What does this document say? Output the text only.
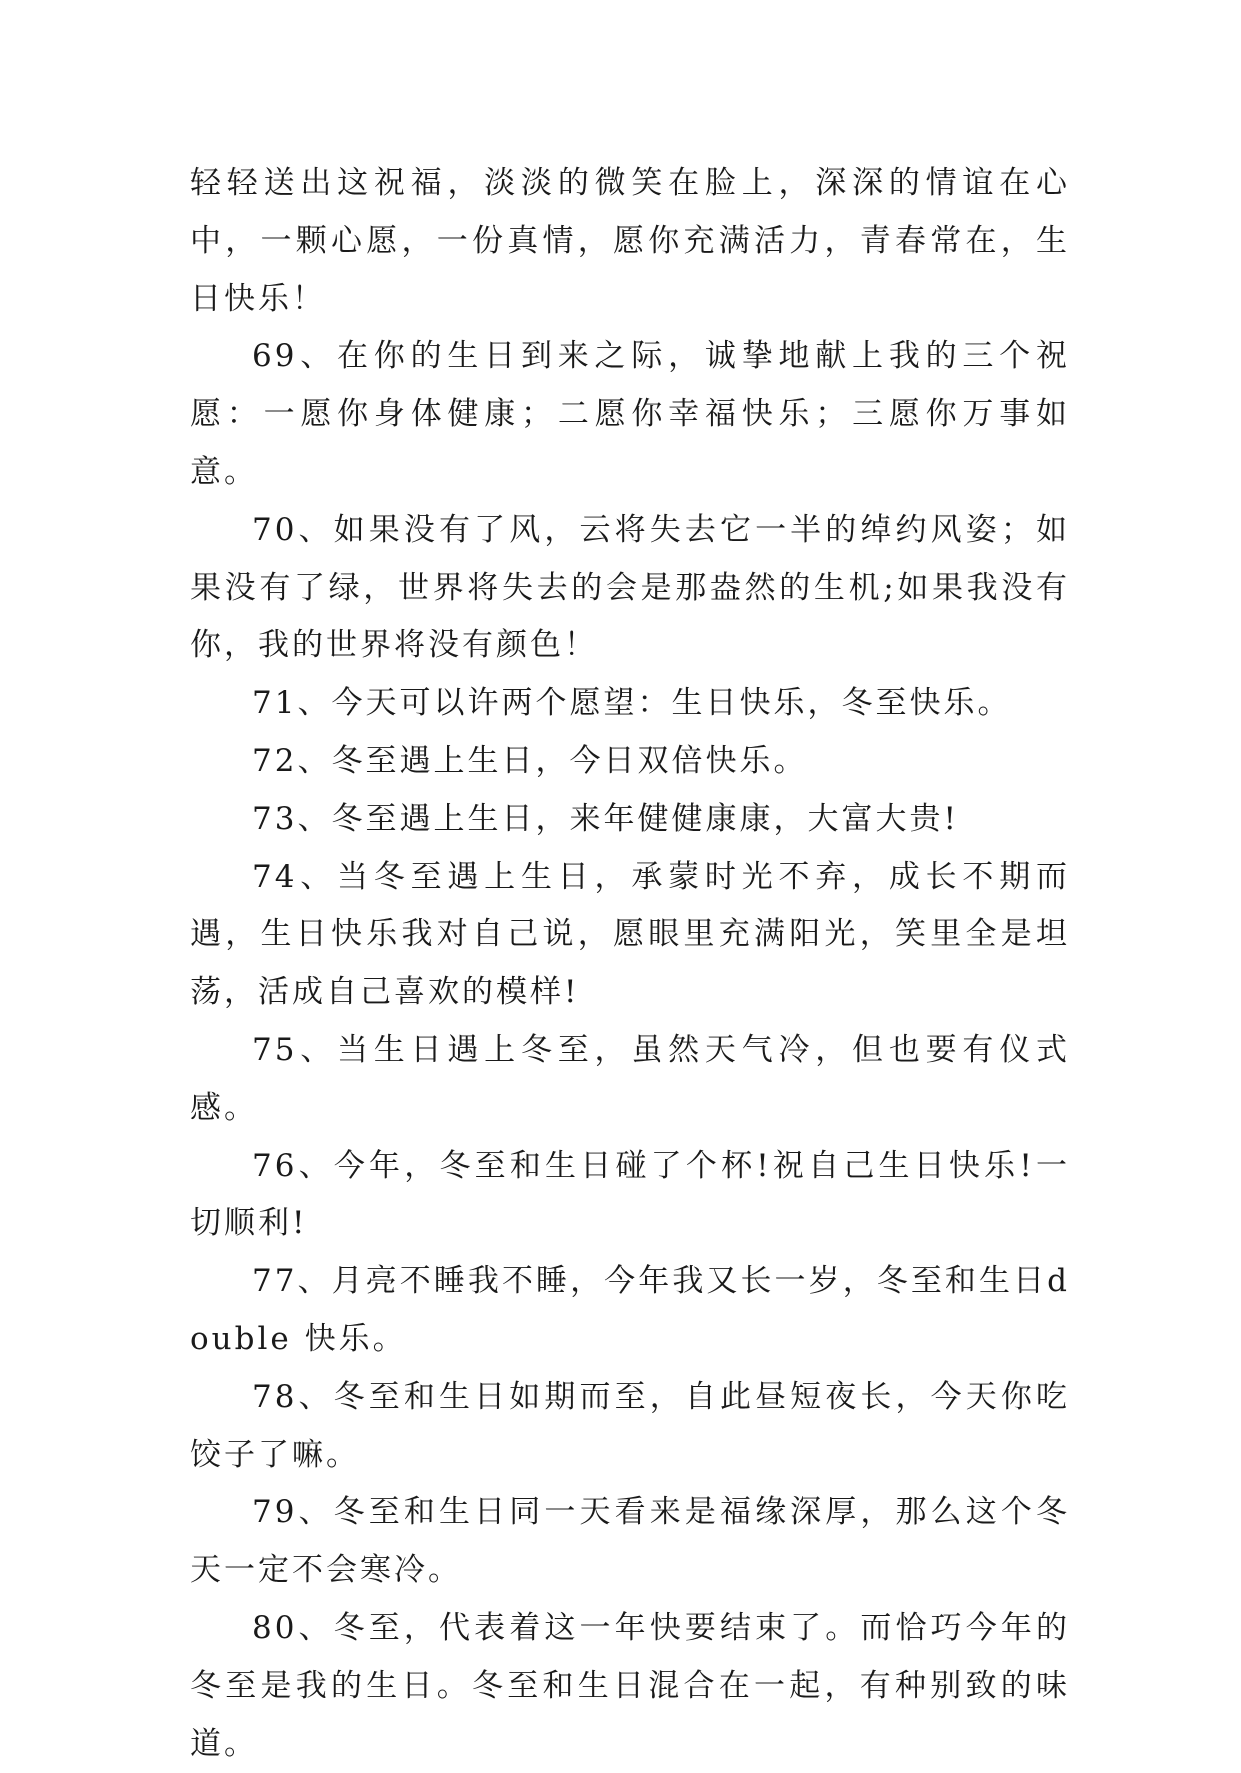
轻轻送出这祝福，淡淡的微笑在脸上，深深的情谊在心中，一颗心愿，一份真情，愿你充满活力，青春常在，生日快乐！

69、在你的生日到来之际，诚挚地献上我的三个祝愿：一愿你身体健康；二愿你幸福快乐；三愿你万事如意。

70、如果没有了风，云将失去它一半的绰约风姿；如果没有了绿，世界将失去的会是那盎然的生机;如果我没有你，我的世界将没有颜色！

71、今天可以许两个愿望：生日快乐，冬至快乐。

72、冬至遇上生日，今日双倍快乐。

73、冬至遇上生日，来年健健康康，大富大贵!

74、当冬至遇上生日，承蒙时光不弃，成长不期而遇，生日快乐我对自己说，愿眼里充满阳光，笑里全是坦荡，活成自己喜欢的模样!

75、当生日遇上冬至，虽然天气冷，但也要有仪式感。

76、今年，冬至和生日碰了个杯!祝自己生日快乐!一切顺利!

77、月亮不睡我不睡，今年我又长一岁，冬至和生日double 快乐。

78、冬至和生日如期而至，自此昼短夜长，今天你吃饺子了嘛。

79、冬至和生日同一天看来是福缘深厚，那么这个冬天一定不会寒冷。

80、冬至，代表着这一年快要结束了。而恰巧今年的冬至是我的生日。冬至和生日混合在一起，有种别致的味道。
